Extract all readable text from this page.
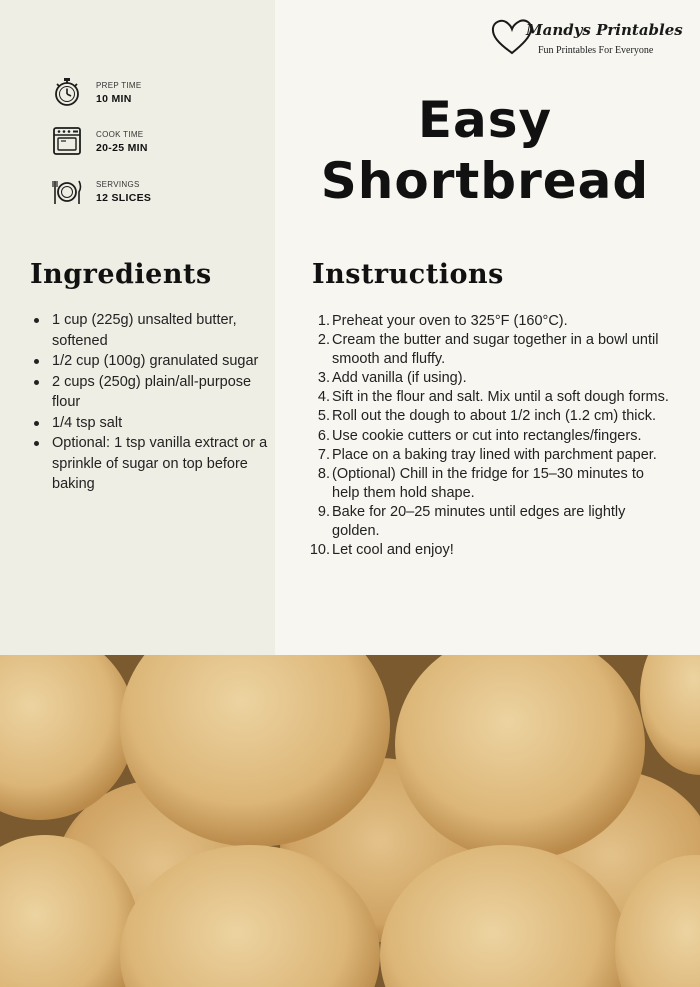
PREP TIME
10 MIN
COOK TIME
20-25 MIN
SERVINGS
12 SLICES
Mandys Printables
Fun Printables For Everyone
Easy
Shortbread
Ingredients
1 cup (225g) unsalted butter, softened
1/2 cup (100g) granulated sugar
2 cups (250g) plain/all-purpose flour
1/4 tsp salt
Optional: 1 tsp vanilla extract or a sprinkle of sugar on top before baking
Instructions
1. Preheat your oven to 325°F (160°C).
2. Cream the butter and sugar together in a bowl until smooth and fluffy.
3. Add vanilla (if using).
4. Sift in the flour and salt. Mix until a soft dough forms.
5. Roll out the dough to about 1/2 inch (1.2 cm) thick.
6. Use cookie cutters or cut into rectangles/fingers.
7. Place on a baking tray lined with parchment paper.
8. (Optional) Chill in the fridge for 15–30 minutes to help them hold shape.
9. Bake for 20–25 minutes until edges are lightly golden.
10. Let cool and enjoy!
